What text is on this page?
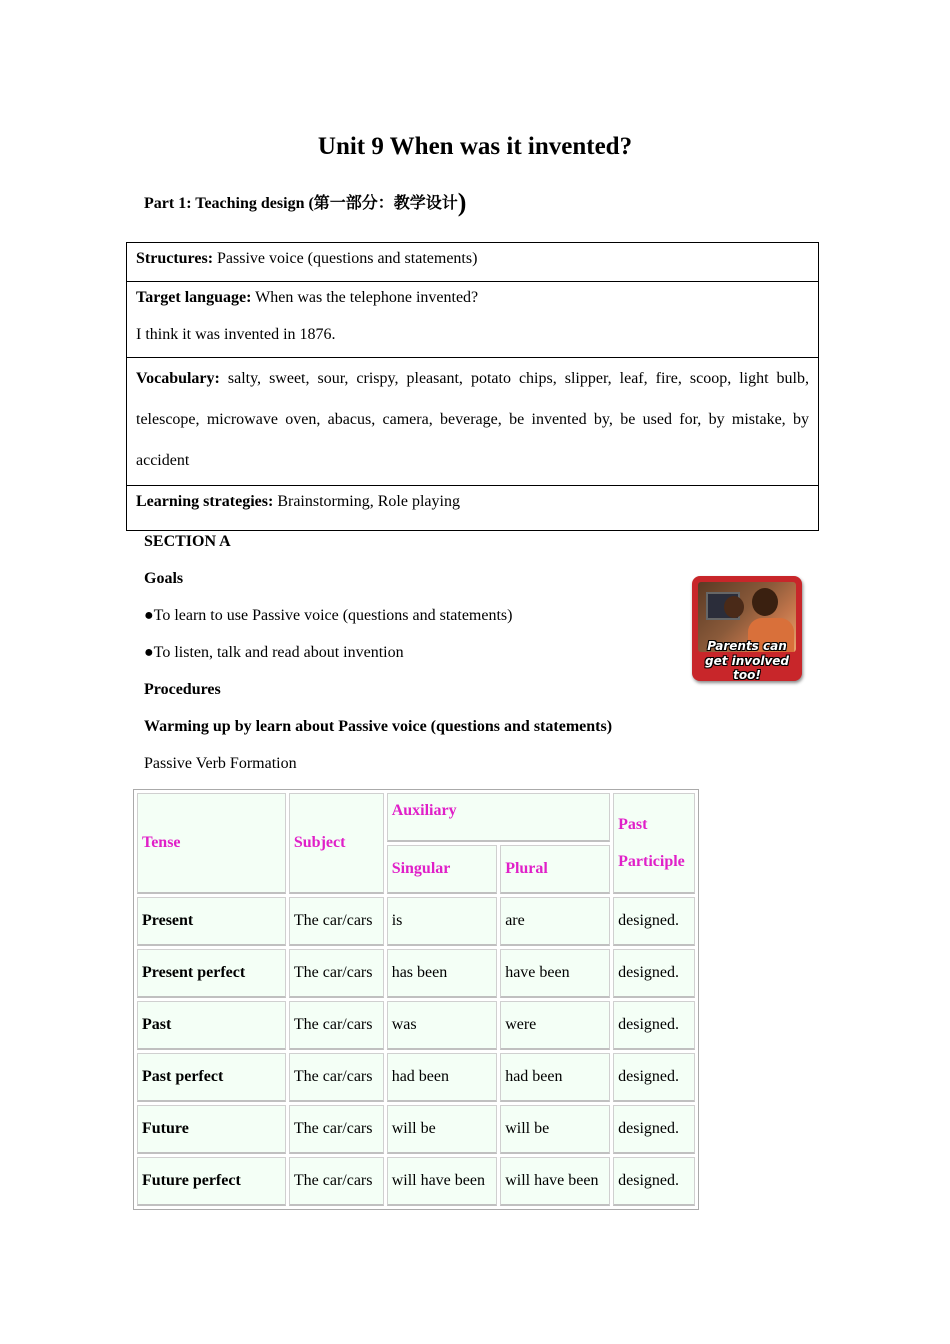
Unit 9 When was it invented?
Part 1: Teaching design (第一部分：教学设计)
Structures: Passive voice (questions and statements)

Target language: When was the telephone invented?

I think it was invented in 1876.

Vocabulary: salty, sweet, sour, crispy, pleasant, potato chips, slipper, leaf, fire, scoop, light bulb, telescope, microwave oven, abacus, camera, beverage, be invented by, be used for, by mistake, by accident
Learning strategies: Brainstorming, Role playing
SECTION A
Goals
●To learn to use Passive voice (questions and statements)
●To listen, talk and read about invention
Procedures
Warming up by learn about Passive voice (questions and statements)
Passive Verb Formation
Parents can
get involved too!
Tense	Subject	Auxiliary		Past
Participle
		Singular	Plural	
Present	The car/cars	is	are	designed.
Present perfect	The car/cars	has been	have been	designed.
Past	The car/cars	was	were	designed.
Past perfect	The car/cars	had been	had been	designed.
Future	The car/cars	will be	will be	designed.
Future perfect	The car/cars	will have been	will have been	designed.
